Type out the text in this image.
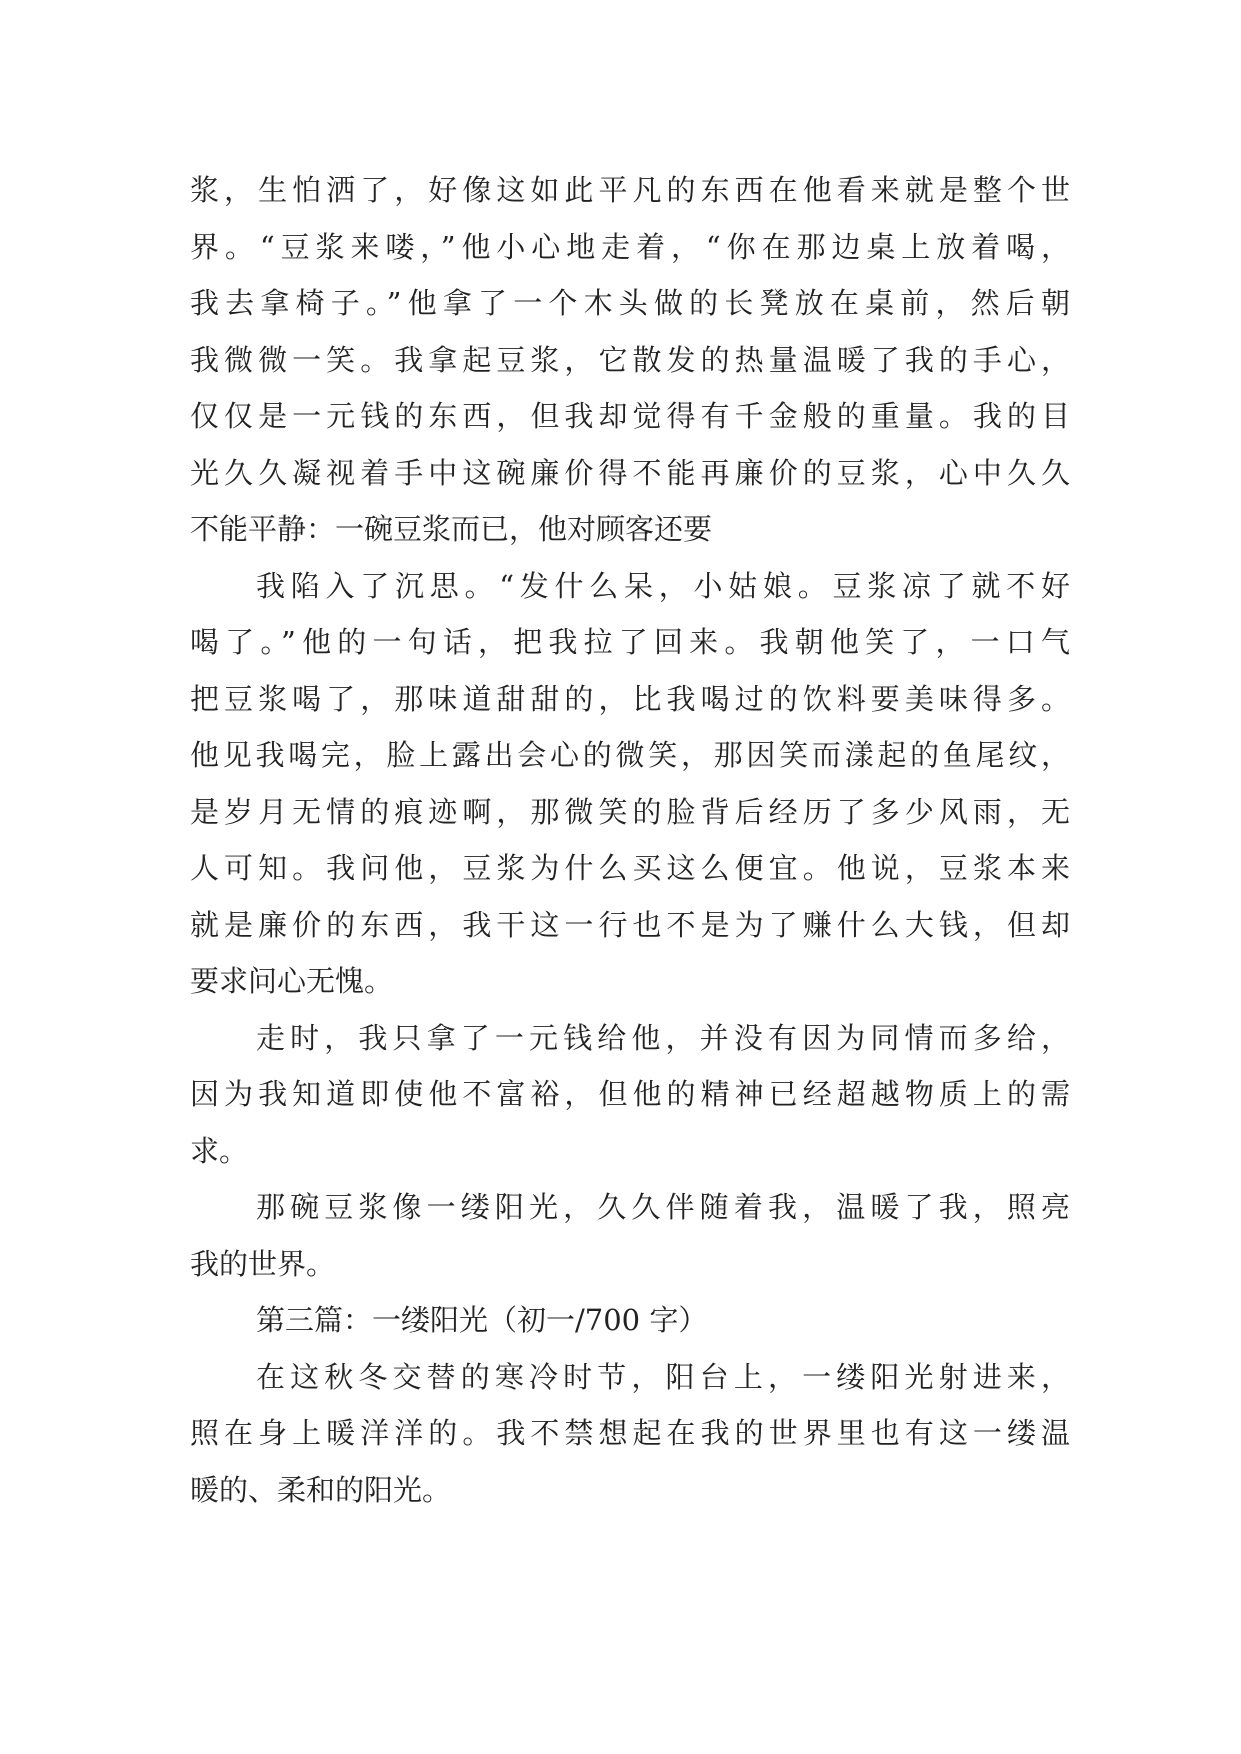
浆，生怕洒了，好像这如此平凡的东西在他看来就是整个世
界。“豆浆来喽，”他小心地走着，“你在那边桌上放着喝，
我去拿椅子。”他拿了一个木头做的长凳放在桌前，然后朝
我微微一笑。我拿起豆浆，它散发的热量温暖了我的手心，
仅仅是一元钱的东西，但我却觉得有千金般的重量。我的目
光久久凝视着手中这碗廉价得不能再廉价的豆浆，心中久久
不能平静：一碗豆浆而已，他对顾客还要
我陷入了沉思。“发什么呆，小姑娘。豆浆凉了就不好
喝了。”他的一句话，把我拉了回来。我朝他笑了，一口气
把豆浆喝了，那味道甜甜的，比我喝过的饮料要美味得多。
他见我喝完，脸上露出会心的微笑，那因笑而漾起的鱼尾纹，
是岁月无情的痕迹啊，那微笑的脸背后经历了多少风雨，无
人可知。我问他，豆浆为什么买这么便宜。他说，豆浆本来
就是廉价的东西，我干这一行也不是为了赚什么大钱，但却
要求问心无愧。
走时，我只拿了一元钱给他，并没有因为同情而多给，
因为我知道即使他不富裕，但他的精神已经超越物质上的需
求。
那碗豆浆像一缕阳光，久久伴随着我，温暖了我，照亮
我的世界。
第三篇：一缕阳光（初一/700 字）
在这秋冬交替的寒冷时节，阳台上，一缕阳光射进来，
照在身上暖洋洋的。我不禁想起在我的世界里也有这一缕温
暖的、柔和的阳光。
